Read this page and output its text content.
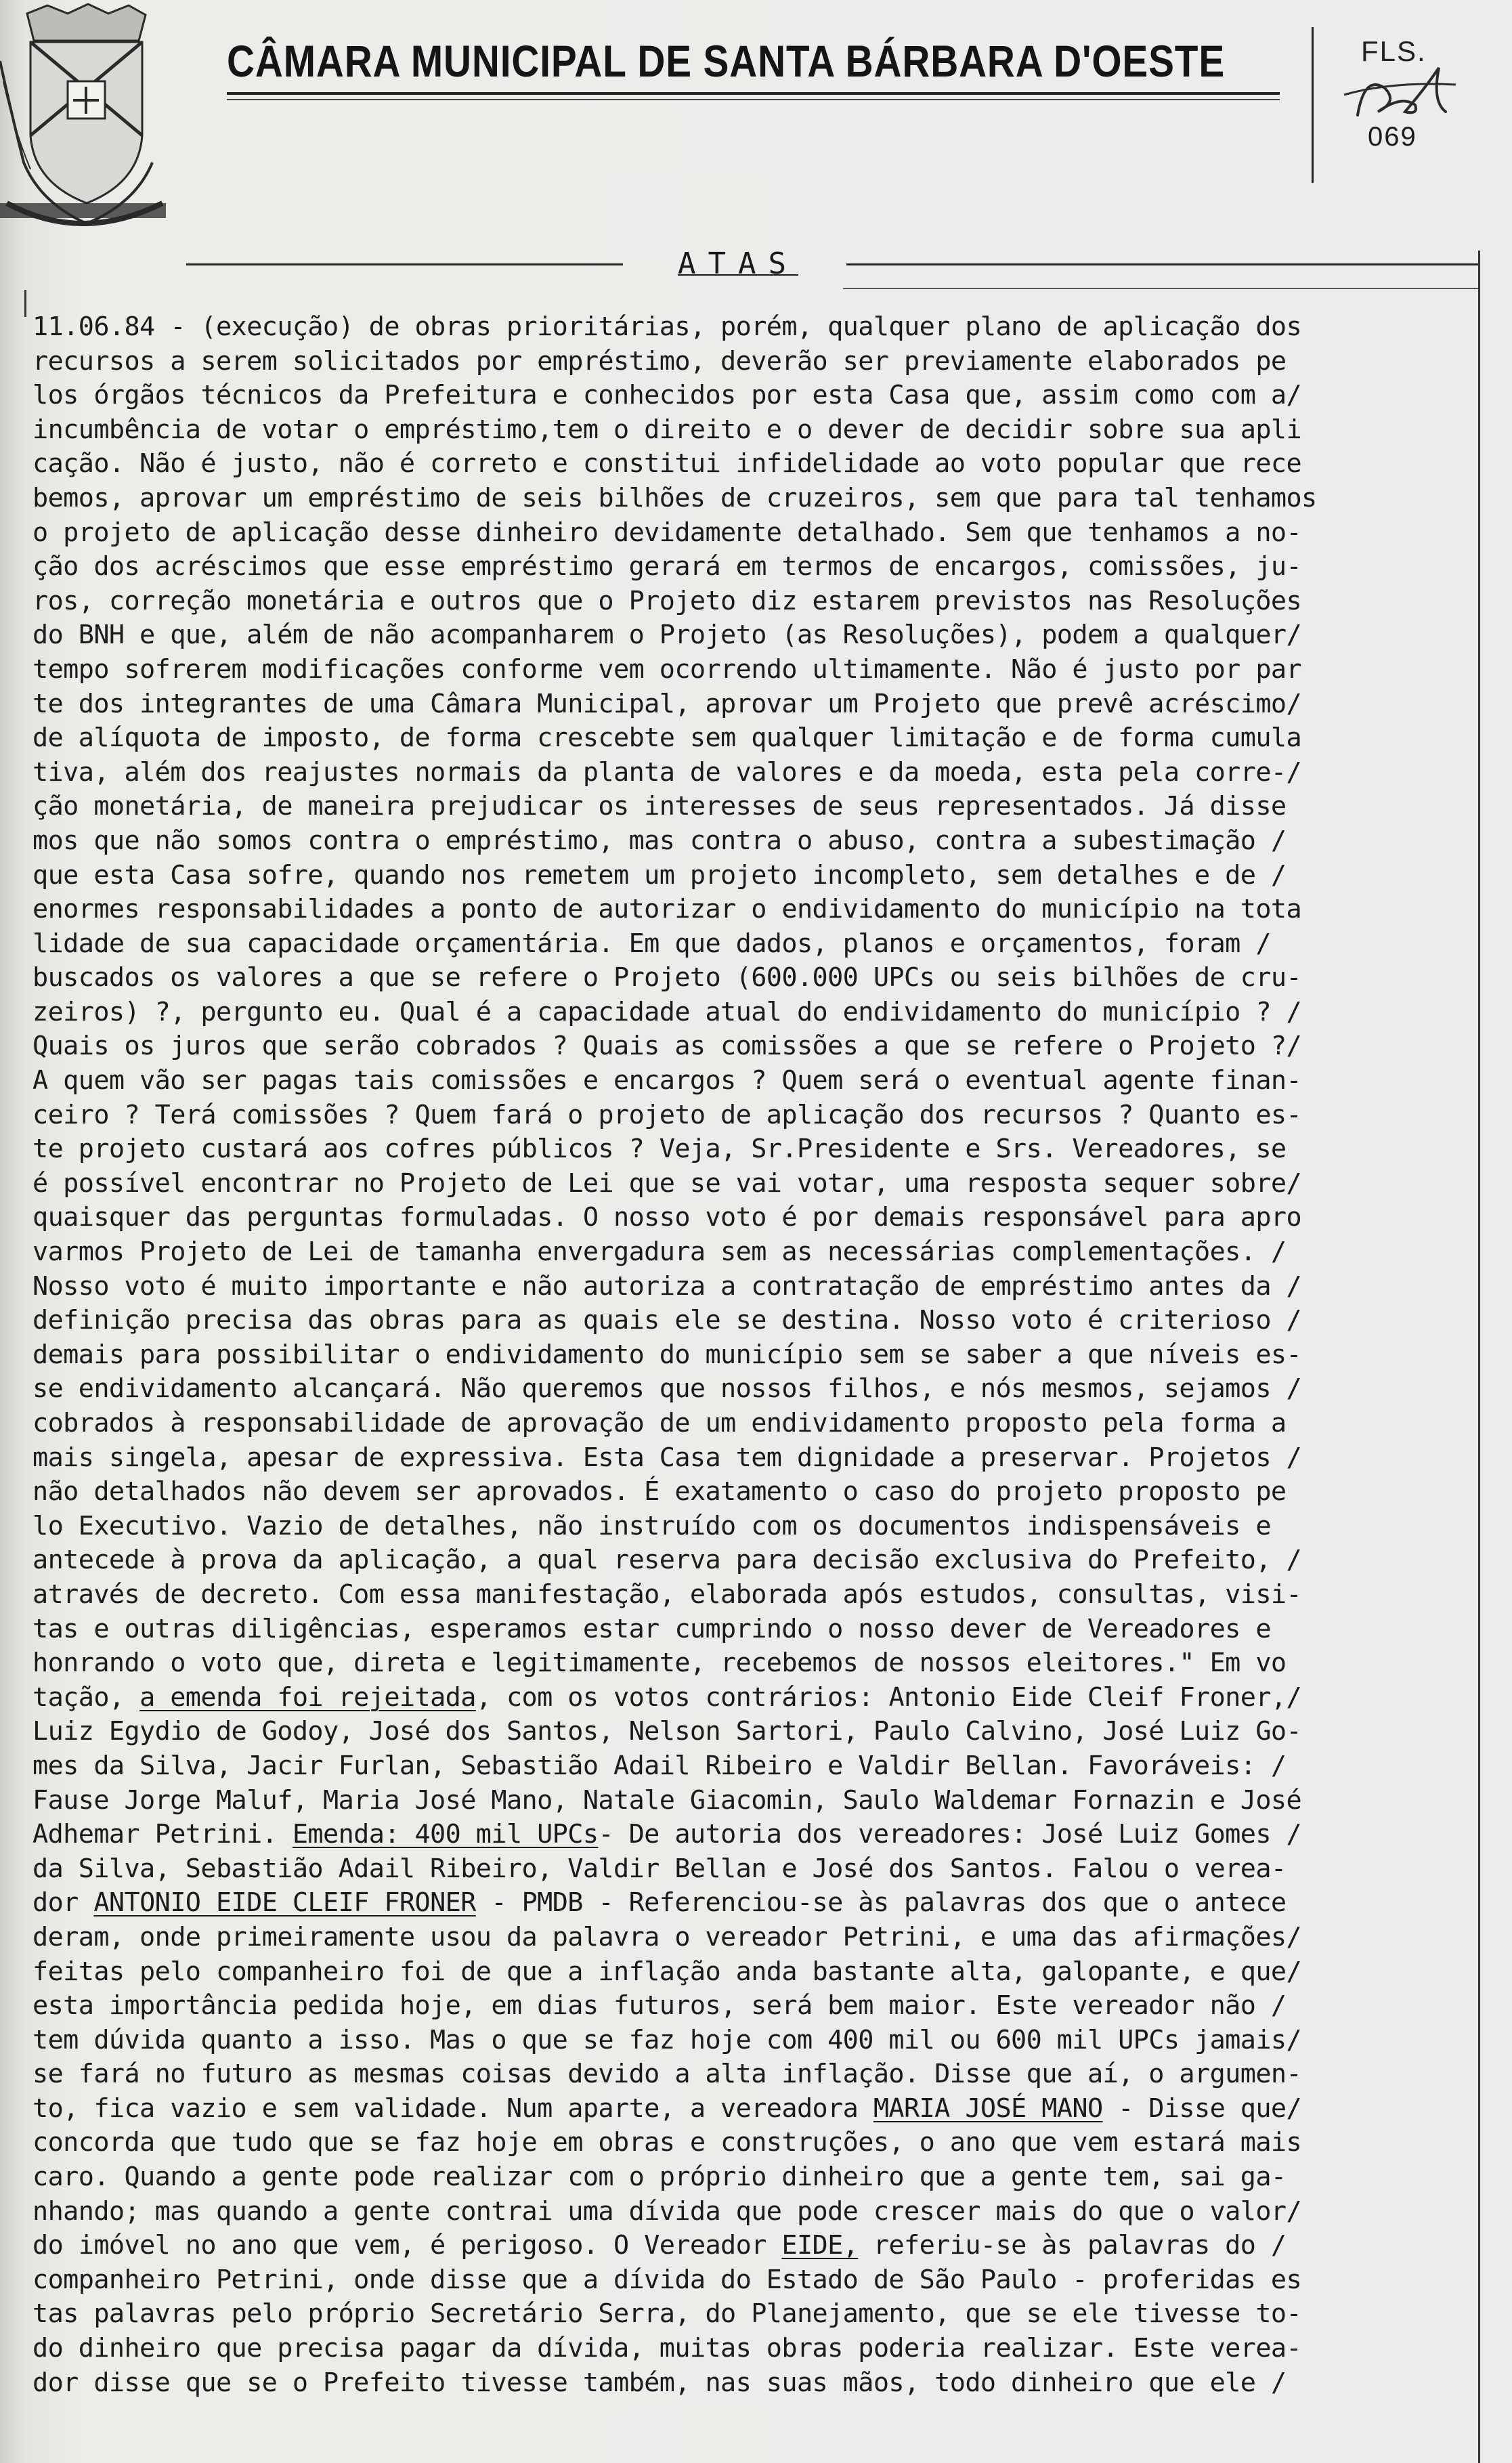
CÂMARA MUNICIPAL DE SANTA BÁRBARA D'OESTE	FLS.
069
ATAS
11.06.84 - (execução) de obras prioritárias, porém, qualquer plano de aplicação dos
recursos a serem solicitados por empréstimo, deverão ser previamente elaborados pe
los órgãos técnicos da Prefeitura e conhecidos por esta Casa que, assim como com a/
incumbência de votar o empréstimo,tem o direito e o dever de decidir sobre sua apli
cação. Não é justo, não é correto e constitui infidelidade ao voto popular que rece
bemos, aprovar um empréstimo de seis bilhões de cruzeiros, sem que para tal tenhamos
o projeto de aplicação desse dinheiro devidamente detalhado. Sem que tenhamos a no-
ção dos acréscimos que esse empréstimo gerará em termos de encargos, comissões, ju-
ros, correção monetária e outros que o Projeto diz estarem previstos nas Resoluções
do BNH e que, além de não acompanharem o Projeto (as Resoluções), podem a qualquer/
tempo sofrerem modificações conforme vem ocorrendo ultimamente. Não é justo por par
te dos integrantes de uma Câmara Municipal, aprovar um Projeto que prevê acréscimo/
de alíquota de imposto, de forma crescebte sem qualquer limitação e de forma cumula
tiva, além dos reajustes normais da planta de valores e da moeda, esta pela corre-/
ção monetária, de maneira prejudicar os interesses de seus representados. Já disse
mos que não somos contra o empréstimo, mas contra o abuso, contra a subestimação /
que esta Casa sofre, quando nos remetem um projeto incompleto, sem detalhes e de /
enormes responsabilidades a ponto de autorizar o endividamento do município na tota
lidade de sua capacidade orçamentária. Em que dados, planos e orçamentos, foram /
buscados os valores a que se refere o Projeto (600.000 UPCs ou seis bilhões de cru-
zeiros) ?, pergunto eu. Qual é a capacidade atual do endividamento do município ? /
Quais os juros que serão cobrados ? Quais as comissões a que se refere o Projeto ?/
A quem vão ser pagas tais comissões e encargos ? Quem será o eventual agente finan-
ceiro ? Terá comissões ? Quem fará o projeto de aplicação dos recursos ? Quanto es-
te projeto custará aos cofres públicos ? Veja, Sr.Presidente e Srs. Vereadores, se
é possível encontrar no Projeto de Lei que se vai votar, uma resposta sequer sobre/
quaisquer das perguntas formuladas. O nosso voto é por demais responsável para apro
varmos Projeto de Lei de tamanha envergadura sem as necessárias complementações. /
Nosso voto é muito importante e não autoriza a contratação de empréstimo antes da /
definição precisa das obras para as quais ele se destina. Nosso voto é criterioso /
demais para possibilitar o endividamento do município sem se saber a que níveis es-
se endividamento alcançará. Não queremos que nossos filhos, e nós mesmos, sejamos /
cobrados à responsabilidade de aprovação de um endividamento proposto pela forma a
mais singela, apesar de expressiva. Esta Casa tem dignidade a preservar. Projetos /
não detalhados não devem ser aprovados. É exatamento o caso do projeto proposto pe
lo Executivo. Vazio de detalhes, não instruído com os documentos indispensáveis e
antecede à prova da aplicação, a qual reserva para decisão exclusiva do Prefeito, /
através de decreto. Com essa manifestação, elaborada após estudos, consultas, visi-
tas e outras diligências, esperamos estar cumprindo o nosso dever de Vereadores e
honrando o voto que, direta e legitimamente, recebemos de nossos eleitores." Em vo
tação, a emenda foi rejeitada, com os votos contrários: Antonio Eide Cleif Froner,/
Luiz Egydio de Godoy, José dos Santos, Nelson Sartori, Paulo Calvino, José Luiz Go-
mes da Silva, Jacir Furlan, Sebastião Adail Ribeiro e Valdir Bellan. Favoráveis: /
Fause Jorge Maluf, Maria José Mano, Natale Giacomin, Saulo Waldemar Fornazin e José
Adhemar Petrini. Emenda: 400 mil UPCs- De autoria dos vereadores: José Luiz Gomes /
da Silva, Sebastião Adail Ribeiro, Valdir Bellan e José dos Santos. Falou o verea-
dor ANTONIO EIDE CLEIF FRONER - PMDB - Referenciou-se às palavras dos que o antece
deram, onde primeiramente usou da palavra o vereador Petrini, e uma das afirmações/
feitas pelo companheiro foi de que a inflação anda bastante alta, galopante, e que/
esta importância pedida hoje, em dias futuros, será bem maior. Este vereador não /
tem dúvida quanto a isso. Mas o que se faz hoje com 400 mil ou 600 mil UPCs jamais/
se fará no futuro as mesmas coisas devido a alta inflação. Disse que aí, o argumen-
to, fica vazio e sem validade. Num aparte, a vereadora MARIA JOSÉ MANO - Disse que/
concorda que tudo que se faz hoje em obras e construções, o ano que vem estará mais
caro. Quando a gente pode realizar com o próprio dinheiro que a gente tem, sai ga-
nhando; mas quando a gente contrai uma dívida que pode crescer mais do que o valor/
do imóvel no ano que vem, é perigoso. O Vereador EIDE, referiu-se às palavras do /
companheiro Petrini, onde disse que a dívida do Estado de São Paulo - proferidas es
tas palavras pelo próprio Secretário Serra, do Planejamento, que se ele tivesse to-
do dinheiro que precisa pagar da dívida, muitas obras poderia realizar. Este verea-
dor disse que se o Prefeito tivesse também, nas suas mãos, todo dinheiro que ele /
